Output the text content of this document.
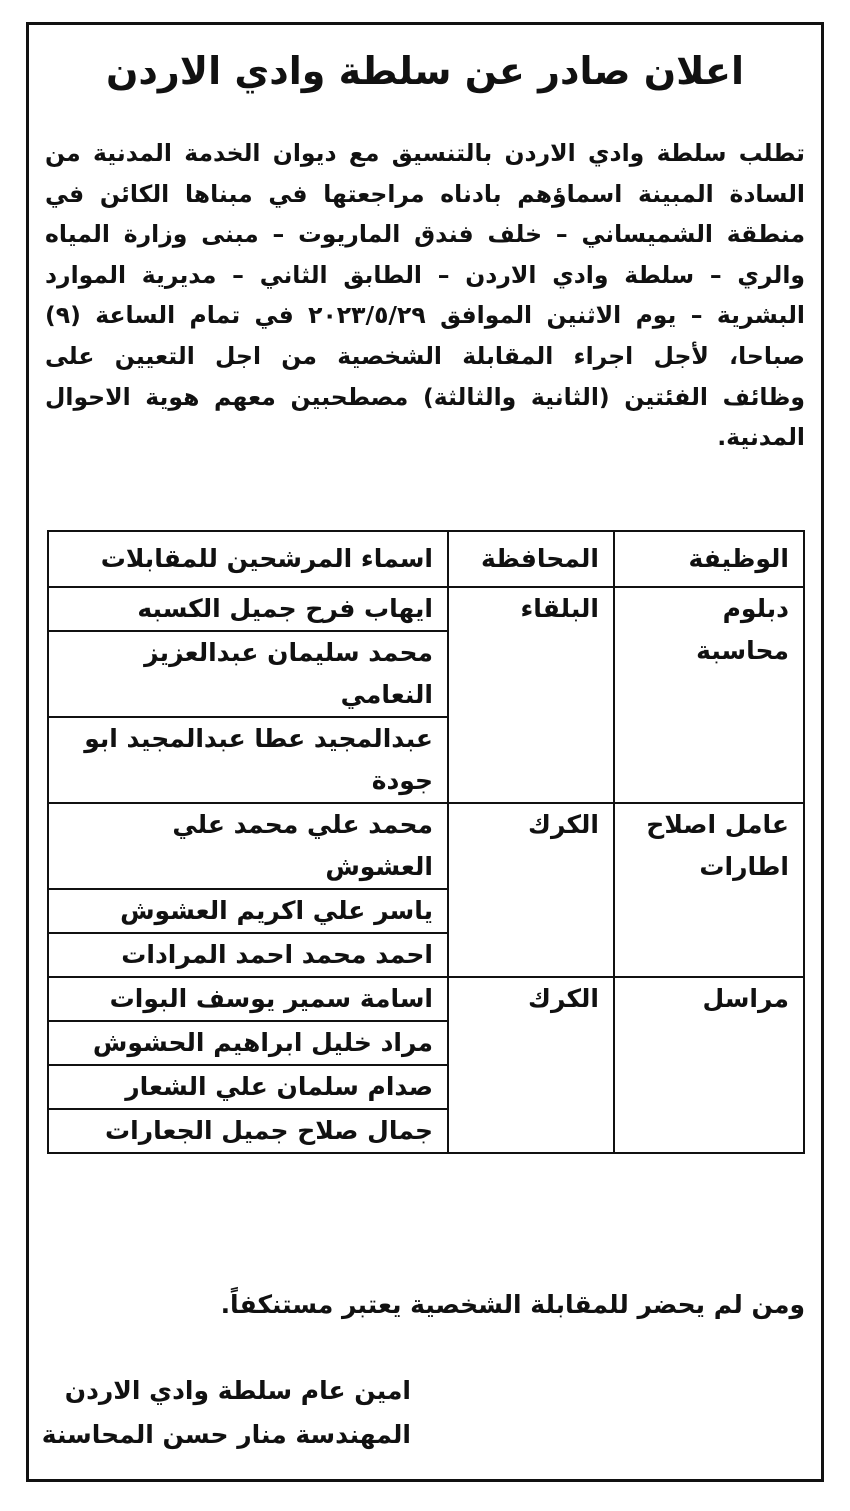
اعلان صادر عن سلطة وادي الاردن
تطلب سلطة وادي الاردن بالتنسيق مع ديوان الخدمة المدنية من السادة المبينة اسماؤهم بادناه مراجعتها في مبناها الكائن في منطقة الشميساني – خلف فندق الماريوت – مبنى وزارة المياه والري – سلطة وادي الاردن – الطابق الثاني – مديرية الموارد البشرية – يوم الاثنين الموافق ٢٠٢٣/٥/٢٩ في تمام الساعة (٩) صباحا، لأجل اجراء المقابلة الشخصية من اجل التعيين على وظائف الفئتين (الثانية والثالثة) مصطحبين معهم هوية الاحوال المدنية.
الوظيفة	المحافظة	اسماء المرشحين للمقابلات
دبلوم محاسبة	البلقاء	ايهاب فرح جميل الكسبه
		محمد سليمان عبدالعزيز النعامي
		عبدالمجيد عطا عبدالمجيد ابو جودة
عامل اصلاح اطارات	الكرك	محمد علي محمد علي العشوش
		ياسر علي اكريم العشوش
		احمد محمد احمد المرادات
مراسل	الكرك	اسامة سمير يوسف البوات
		مراد خليل ابراهيم الحشوش
		صدام سلمان علي الشعار
		جمال صلاح جميل الجعارات
ومن لم يحضر للمقابلة الشخصية يعتبر مستنكفاً.
امين عام سلطة وادي الاردن
المهندسة منار حسن المحاسنة
